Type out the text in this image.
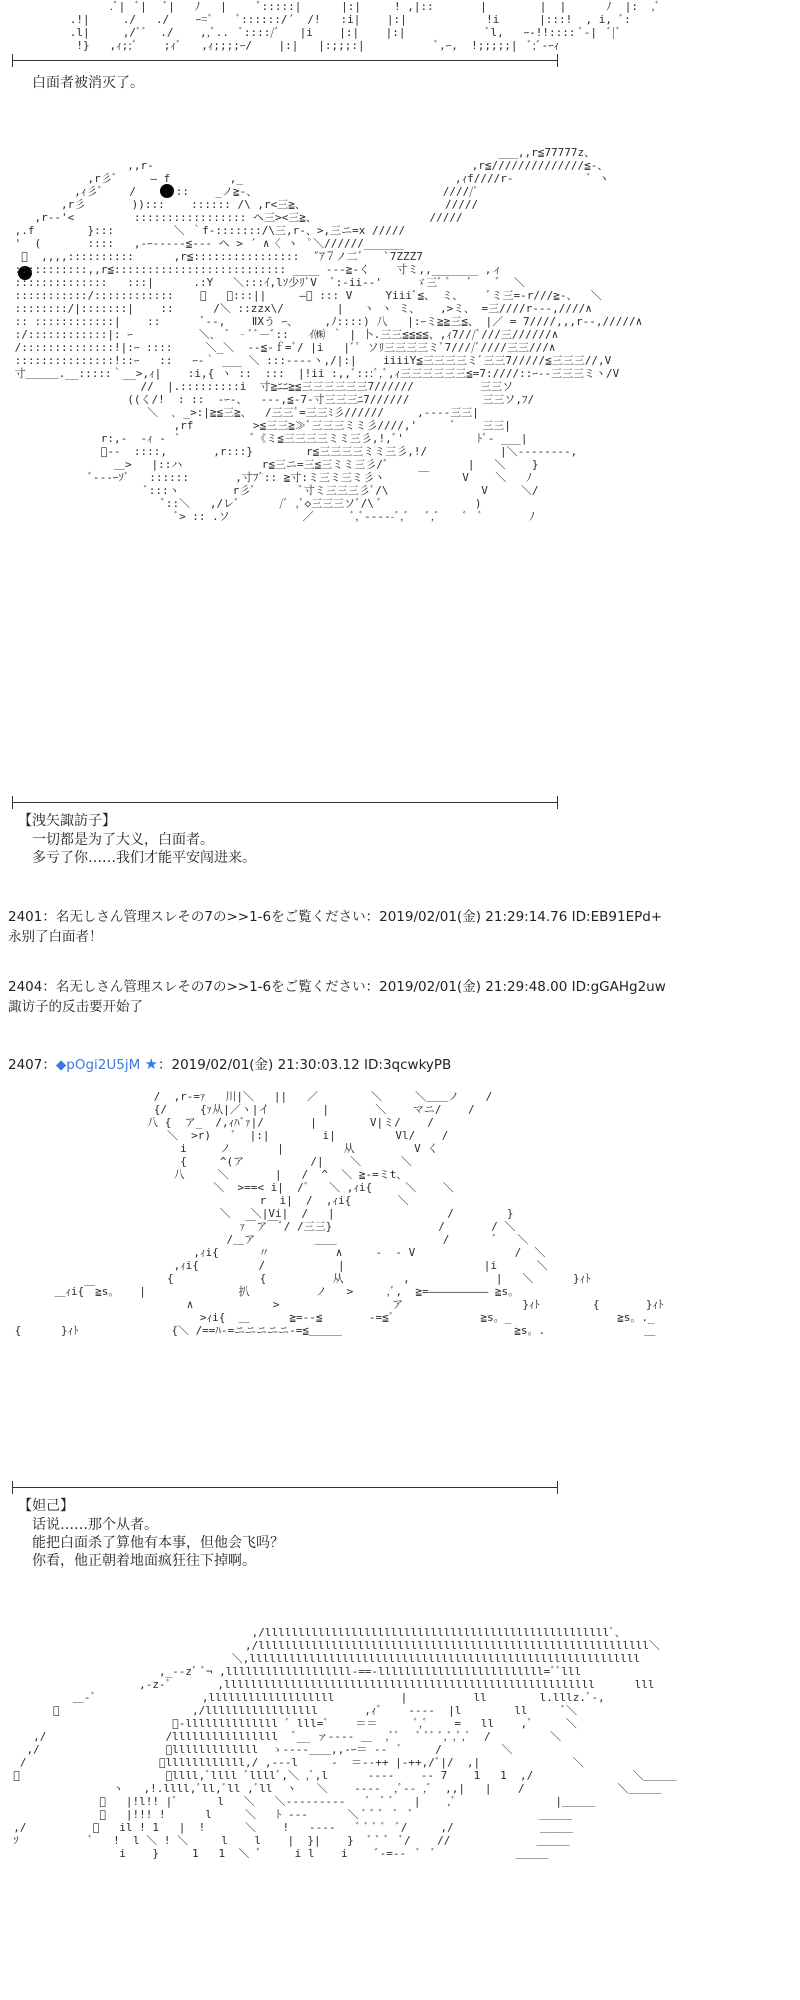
.ﾞ|  ﾞ|   ﾞ|   ﾉ   |     ﾞ:::::|      |:|     ! ,|::       |        |  |      ﾉ  |:  ,ﾞ
.!|     ./   ./    ｰ=ﾞ    ﾞ::::::/´  /!   :i|    |:|            !i      |:::!  , i, ﾞ:
.l|     ,/ﾞﾞ  ./    ,,ﾞ..  ﾞ::::/ﾞ   |i    |:|    |:|            ﾞl,   ｰ-!!:::: ﾞ-|  ﾞ|ﾞ
!}   ,ｨ;;ﾞ    ;ｨﾞ   ,ｨ;;;;ｰ/    |:|   |:;;;:|           ﾞ,ｰ,  !;;;;;|  ﾞ;ﾞ-ｰｨ
白面者被消灭了。
___,,r≦77777z、
,,r‐                                                ,r≦//////////////≦‐、
,r彡ﾞ     ― f         ,_                                ,ｨf////r‐           ﾞ ヽ
,ｨ彡ﾞ    /    ::::    _ノ≧-、                            /////ﾞ
,r彡       )):::    :::::: /\ ,r<三≧、                     /////
,r‐‐'<         ::::::::::::::::: ヘ三><三≧、                 /////
,.f        }:::         ＼ ｀f‐:::::::/\三,r‐、>,三ニ=x /////
'  (       ::::   ,-ｰ-‐‐-‐≦‐‐‐ ヘ > ´ ∧〈 ヽ  ﾟ＼//////______
ﾞ  ,,,,::::::::::      ,r≦::::::::::::::::  ˝ｱ７ノ二ﾞ   `7ZZZ7
:::::::::::,,r≦:::::::::::::::::::::::::: ____ ‐‐-≧‐く    寸ミ,,_______ ,ィ
::::::::::::::   :::|      .:Y   ＼:::ｲ,lｿ少ﾘﾞV  ﾞ:-ii-‐'     ゞ三ﾞ ﾞ   ﾞ    ﾞ  ＼
:::::::::::/::::::::::::    ﾞ   ｰ:::||     ―ﾞ ::: V     Yiiiﾞ≦、 ミ、    ﾞミ三=-r///≧-、  ＼
::::::::/|:::::::|    ::      /＼ ::zzx\/        |   ヽ ヽ ミ、   ,>ミ、 =三////r‐‐‐,////∧
:: ::::::::::::|    ::      ﾞ‐-,    ⅡXう ｰ、    ,ﾉ::::) 八   |:ｰミ≧≧三≦、 |／ = 7////,,,r‐‐,/////∧
:/::::::::::::|: ｰ          ＼､  ﾞ ‐ﾞﾞ―ﾞ::   ｲ㈱ ｀ | 卜.三三≦≦≦≦、,ｨ7///ﾞ///三//////∧
/::::::::::::::!|:ｰ ::::     ＼_＼  ‐‐≦‐ｆ=ﾞ/ |i   |ﾞﾟ ソﾘ三三三三ミﾞ7////ﾞ////三三///∧
:::::::::::::::!::ｰ   ::   ｰ-｀ ___ ＼ :::-‐‐‐ヽ,/|:|    iiiiY≦三三三三ミﾞ三三7/////≦三三三//,V
寸＿＿＿.__:::::｀__>,ｨ|    :i,{ ヽ ::  :::  |!ii :,,ﾞ:::ﾞ,ﾞ,ｨ三三三三三三≦=7:////::ｰ‐‐三三三ミヽ/V
//  |.:::::::::i  寸≧ﾆﾆ≧≦三三三三三三7//////          三三ソ
((く/!  : ::  ‐ｰ-、  ‐‐-,≦-7-寸三三三ﾆ7//////           三三ソ,ﾌ/
＼  ､ _>:|≧≦三≧、  /三三ﾞ=三三ﾐ彡//////     ,-‐‐-三三|
,rf         >≦三三≧≫ﾞ三三三ミミ彡////,'     ﾞ    三三|
r:,-  ‐ｨ ‐  ﾞ           ﾞ《ミ≦三三三三ミミ三彡,!,ﾞ'           ﾄﾞ‐ ___|
ﾞ‐‐  ::::,       ,r:::}        r≦三三三三ミミ三彡,!/           |＼‐‐‐‐‐‐‐‐,
＿>   |::ハ            r≦三ニ=三≦三ミミ三彡/ﾞ            |   ＼    }
ﾞ‐‐‐ｰｿﾞ   ::::::       ,寸ﾌﾞ:: ≧寸:ミ三ミ三ミ彡ヽ     ￣     V    ＼   ﾉ
ﾞ:::ヽ        r彡ﾞ       ﾞ寸ミ三三三彡ﾞ/\              V     ＼/
ﾞ::＼   ,/レﾞ      /ﾞ ,ﾞ◇三三三ソﾞ/\ ﾞ              )
ﾞ> :: .ソ           ／      ﾞ,ﾞ‐‐‐‐-ﾞ,ﾞ   ﾞ,ﾞ    ﾞ  ﾞ       ﾉ
【洩矢諏訪子】
一切都是为了大义，白面者。
多亏了你……我们才能平安闯进来。
2401：名无しさん管理スレその7の>>1-6をご覧ください：2019/02/01(金) 21:29:14.76 ID:EB91EPd+
永别了白面者！
2404：名无しさん管理スレその7の>>1-6をご覧ください：2019/02/01(金) 21:29:48.00 ID:gGAHg2uw
諏访子的反击要开始了
2407：◆pOgi2U5jM ★：2019/02/01(金) 21:30:03.12 ID:3qcwkyPB
/  ,r‐=ｧ   川|＼   ||   ／        ＼     ＼＿＿ノ    /
{/     {ｧ从|／ヽ|イ        |       ＼    マニ/    /
八 {  ア_  /,ｨﾊﾞｧ|/       |        V|ミ/    /
＼  >r)   ﾞ  |:|        i|         Vl/    /
i     ノ       |         从         V く
{     ^(ア          /|    ＼      ＼
八     ＼       |   /  ^  ＼ ≧-=ミt、
＼  >==< i|  /ﾞ   ＼ ,ｨi{     ＼    ＼
r  i|  /  ,ｨi{       ＼
＼   ＼|Vi|  /   |                 /        }
ｧ￣ア￣ﾞ/ /三三}                /       / ＼
/＿ア         ＿＿                /       ﾞ   ＼
,ｨi{      〃          ∧     ‐  ‐ V               /  ＼
,ｨi{         /           |                     |i      ＼
{             {          从         ,             |   ＼      }ｨﾄ
＿ｨi{￣≧s。   |              扒          ノ   >     ,ﾞ,  ≧=――――――――― ≧s。
∧            >                 ア                  }ｨﾄ        {       }ｨﾄ
>ｨi{  ＿      ≧=‐‐≦       ‐=≦ﾞ             ≧s。_                ≧s。._
{      }ｨﾄ              {＼ /==ﾊ‐=ニニニニニ‐=≦＿＿＿                          ≧s。.               ＿
【妲己】
话说……那个从者。
能把白面杀了算他有本事，但他会飞吗？
你看，他正朝着地面疯狂往下掉啊。
,/llllllllllllllllllllllllllllllllllllllllllllllllllllﾞ、
,/lllllllllllllllllllllllllllllllllllllllllllllllllllllllllll＼
＼,lllllllllllllllllllllllllllllllllllllllllllllllllllllllllll
,_‐-zﾞ ﾞ¬ ,lllllllllllllllllll‐==‐lllllllllllllllllllllllll=ﾞﾞlll
,‐z‐ﾞ       ,llllllllllllllllllllllllllllllllllllllllllllllllllllllll      lll
＿‐ﾞ                ,lllllllllllllllllll          |          ll        l.lllz.ﾞ‐,
ﾞ                    ,/lllllllllllllllll       ,ｨﾞ    ‐‐‐‐  |l        ll     ﾞ＼
ﾞ‐llllllllllllll ﾞ lll=ﾞ    ＝＝      ﾞ,ﾞ    =   ll    ,ﾞ     ＼
,/                  /llllllllllllllll  ﾞ__ ァ‐‐‐‐ ＿  ,ﾞﾞ   ﾞ ﾞﾞ ﾞ,ﾞ,ﾞ,ﾞ  /         ＼
,/                   ﾞlllllllllllll  ゝ‐‐‐‐＿＿,,-ｰ＝ ‐‐  ﾞ     /         ＼
/                    ﾞllllllllllll,/ ,‐‐‐l     ‐  ＝‐‐++ |‐++,/ﾞ|/  ,|              ＼
ﾞ                      ﾞllll,ﾞllll ﾞllllﾞ,＼ ,ﾞ,l      ‐‐‐‐    ‐‐ 7    1   1  ,/               ＼＿＿＿
ヽ   ,!.llll,ﾞll,ﾞll ,ﾞll  ヽ   ＼    ‐‐‐‐  ,ﾞ‐‐ ,ﾞ  ,,|   |    /              ＼＿＿＿
ﾞ   |!l!! |ﾞ      l   ＼   ＼‐‐‐‐‐‐‐‐‐   ﾞ  ﾞ ﾞ   |    ,ﾞ               |＿＿＿
ﾞ   |!!! !      l     ＼   ﾄ ‐‐‐      ＼ ﾞ ﾞ ﾞ  ﾞ  ﾞ                   ＿＿＿
,/          ﾞ   il ! 1   |  !      ＼    !   ‐‐‐‐   ﾞ ﾞ ﾞ ﾞ  ﾞ/     ,/             ＿＿＿
ｿ           ﾞ   !  l ＼ ! ＼     l    l    |  }|    }  ﾞ ﾞ ﾞ  ﾞ/    //             ＿＿＿
i    }     1   1  ＼ ﾞ     i l    i    ﾞ‐=‐‐  ﾞ  ﾞ            ＿＿＿
